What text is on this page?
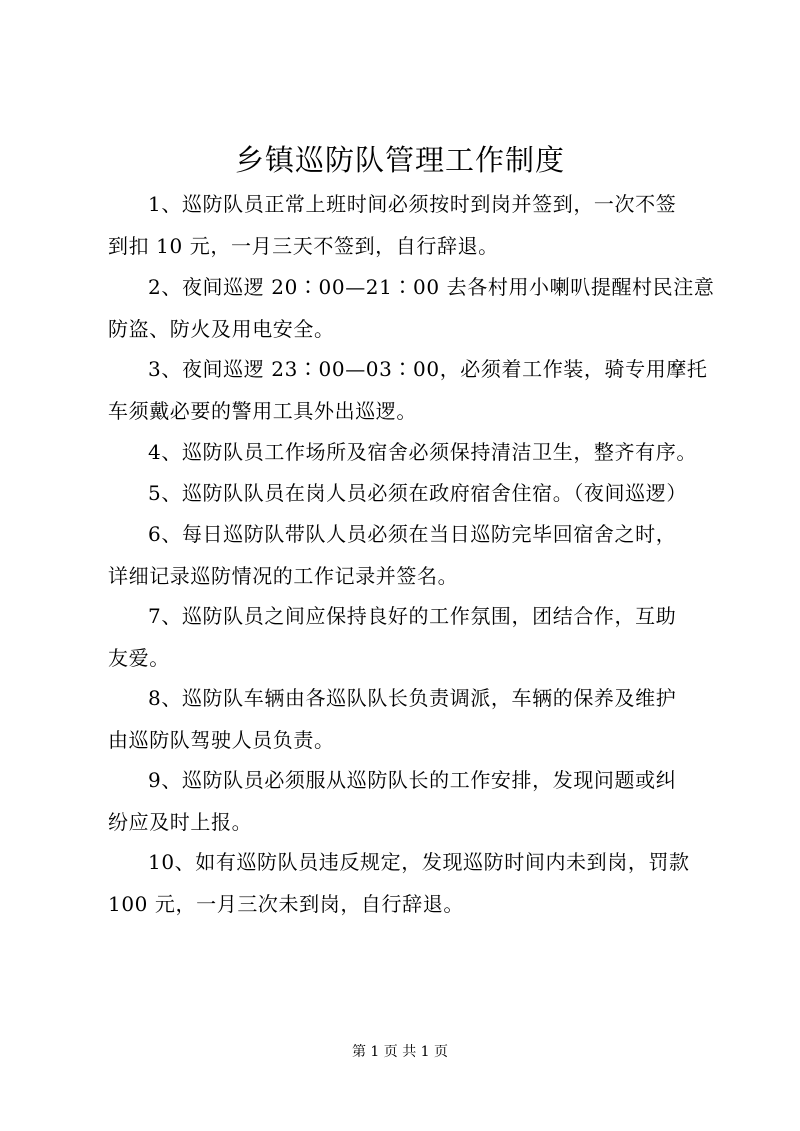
乡镇巡防队管理工作制度

1、巡防队员正常上班时间必须按时到岗并签到，一次不签
到扣 10 元，一月三天不签到，自行辞退。

2、夜间巡逻 20∶00—21∶00 去各村用小喇叭提醒村民注意
防盗、防火及用电安全。

3、夜间巡逻 23∶00—03∶00，必须着工作装，骑专用摩托
车须戴必要的警用工具外出巡逻。

4、巡防队员工作场所及宿舍必须保持清洁卫生，整齐有序。

5、巡防队队员在岗人员必须在政府宿舍住宿。（夜间巡逻）

6、每日巡防队带队人员必须在当日巡防完毕回宿舍之时，
详细记录巡防情况的工作记录并签名。

7、巡防队员之间应保持良好的工作氛围，团结合作，互助
友爱。

8、巡防队车辆由各巡队队长负责调派，车辆的保养及维护
由巡防队驾驶人员负责。

9、巡防队员必须服从巡防队长的工作安排，发现问题或纠
纷应及时上报。

10、如有巡防队员违反规定，发现巡防时间内未到岗，罚款
100 元，一月三次未到岗，自行辞退。

第 1 页 共 1 页
